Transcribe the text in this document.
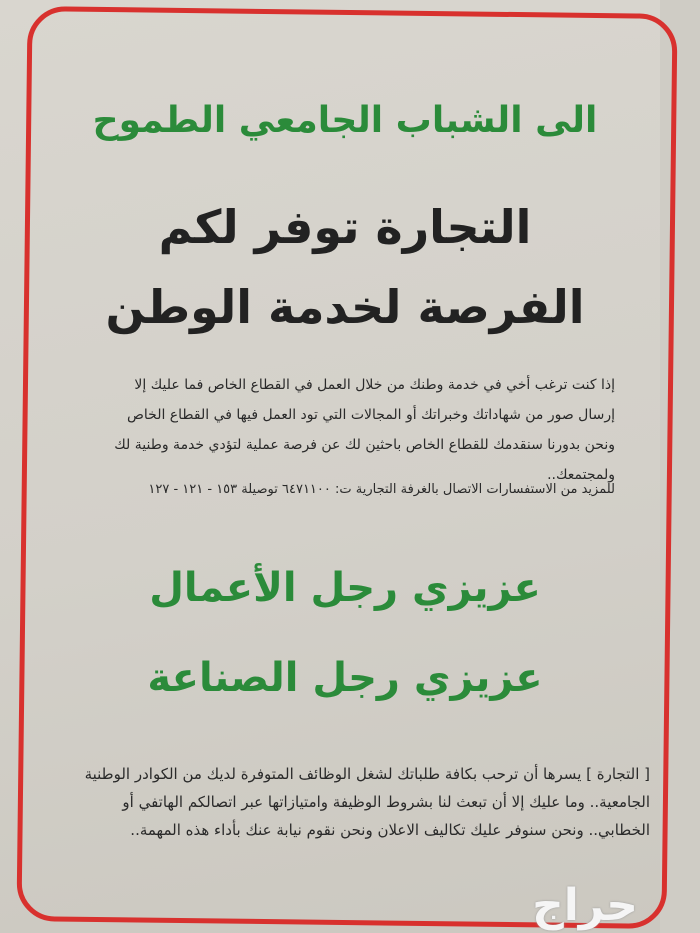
الى الشباب الجامعي الطموح
التجارة توفر لكم
الفرصة لخدمة الوطن
إذا كنت ترغب أخي في خدمة وطنك من خلال العمل في القطاع الخاص فما عليك إلا إرسال صور من شهاداتك وخبراتك أو المجالات التي تود العمل فيها في القطاع الخاص ونحن بدورنا سنقدمك للقطاع الخاص باحثين لك عن فرصة عملية لتؤدي خدمة وطنية لك ولمجتمعك..
للمزيد من الاستفسارات الاتصال بالغرفة التجارية ت: ٦٤٧١١٠٠ توصيلة ١٥٣ - ١٢١ - ١٢٧
عزيزي رجل الأعمال
عزيزي رجل الصناعة
[ التجارة ] يسرها أن ترحب بكافة طلباتك لشغل الوظائف المتوفرة لديك من الكوادر الوطنية الجامعية.. وما عليك إلا أن تبعث لنا بشروط الوظيفة وامتيازاتها عبر اتصالكم الهاتفي أو الخطابي.. ونحن سنوفر عليك تكاليف الاعلان ونحن نقوم نيابة عنك بأداء هذه المهمة..
حراج
